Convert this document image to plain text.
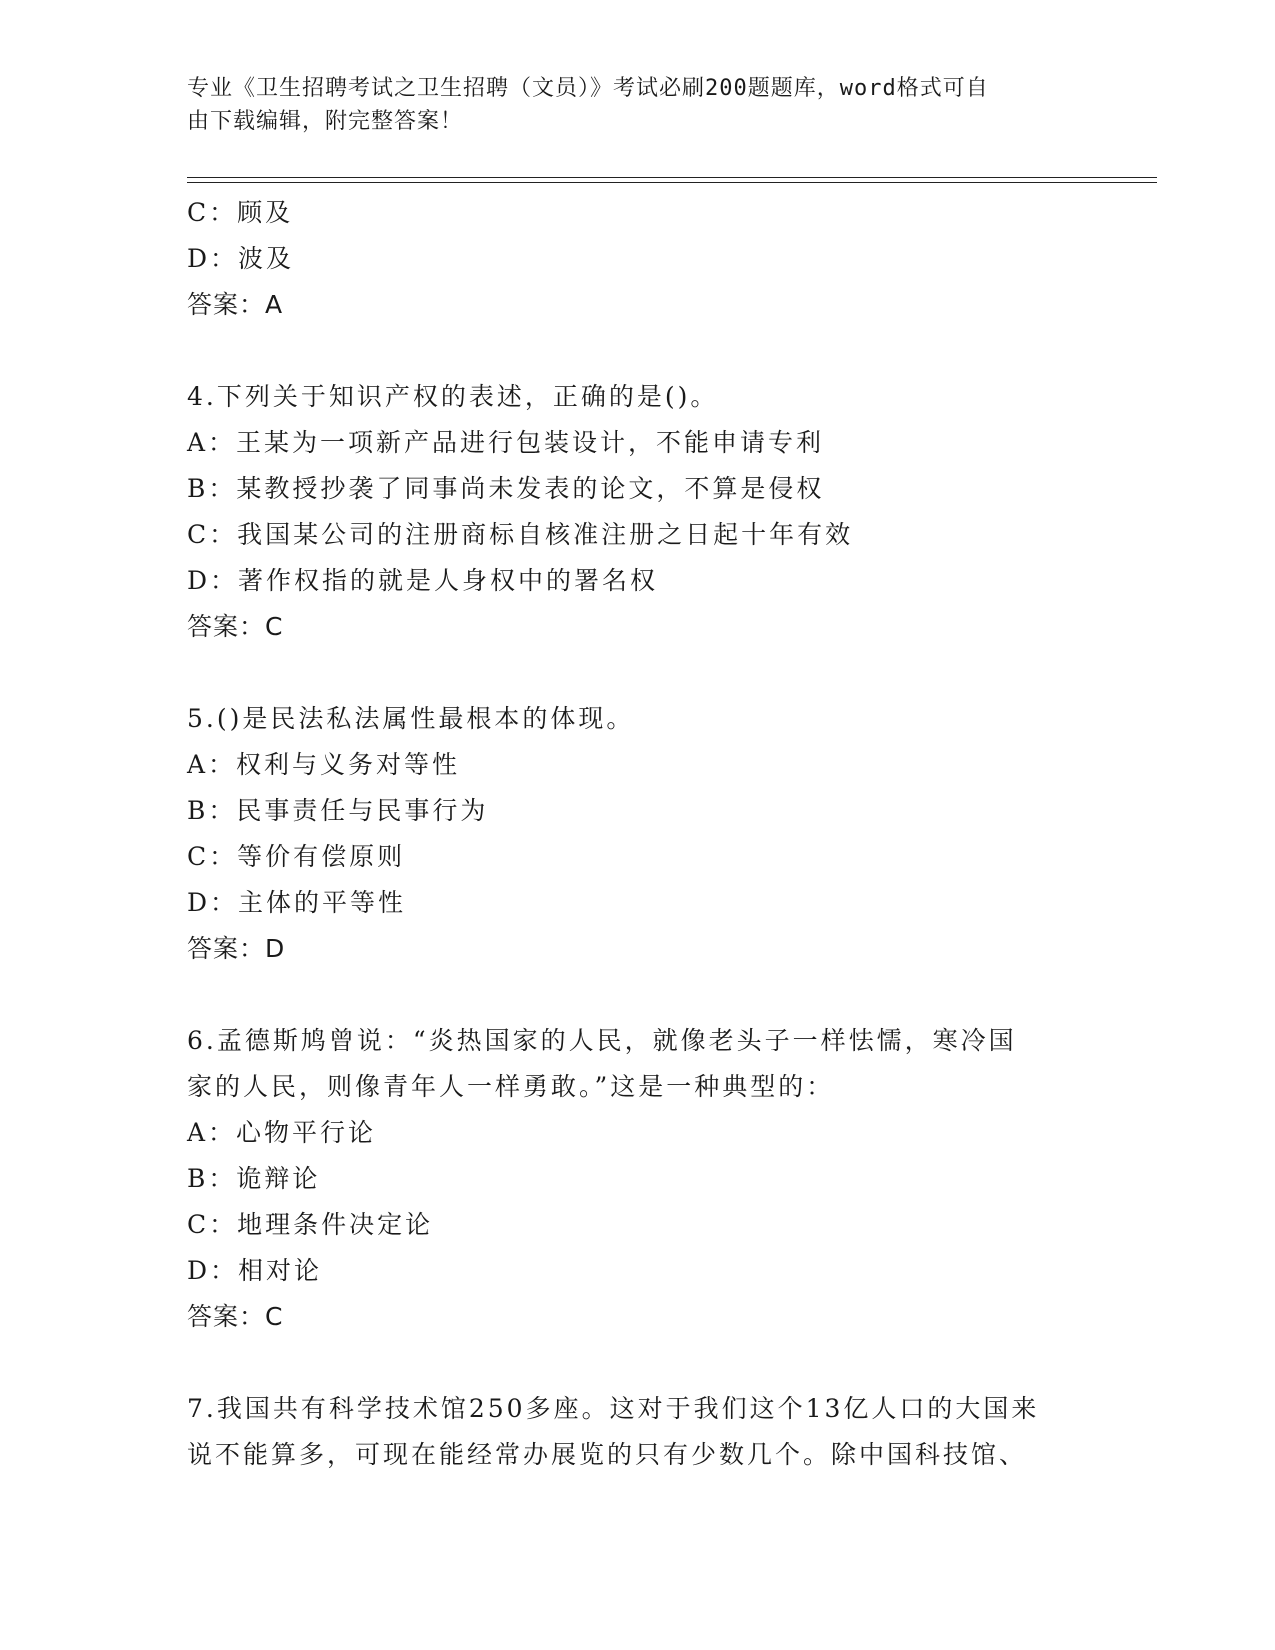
专业《卫生招聘考试之卫生招聘（文员）》考试必刷200题题库，word格式可自
由下载编辑，附完整答案！
C：顾及
D：波及
答案：A
4.下列关于知识产权的表述，正确的是()。
A：王某为一项新产品进行包装设计，不能申请专利
B：某教授抄袭了同事尚未发表的论文，不算是侵权
C：我国某公司的注册商标自核准注册之日起十年有效
D：著作权指的就是人身权中的署名权
答案：C
5.()是民法私法属性最根本的体现。
A：权利与义务对等性
B：民事责任与民事行为
C：等价有偿原则
D：主体的平等性
答案：D
6.孟德斯鸠曾说：“炎热国家的人民，就像老头子一样怯懦，寒冷国
家的人民，则像青年人一样勇敢。”这是一种典型的：
A：心物平行论
B：诡辩论
C：地理条件决定论
D：相对论
答案：C
7.我国共有科学技术馆250多座。这对于我们这个13亿人口的大国来
说不能算多，可现在能经常办展览的只有少数几个。除中国科技馆、
